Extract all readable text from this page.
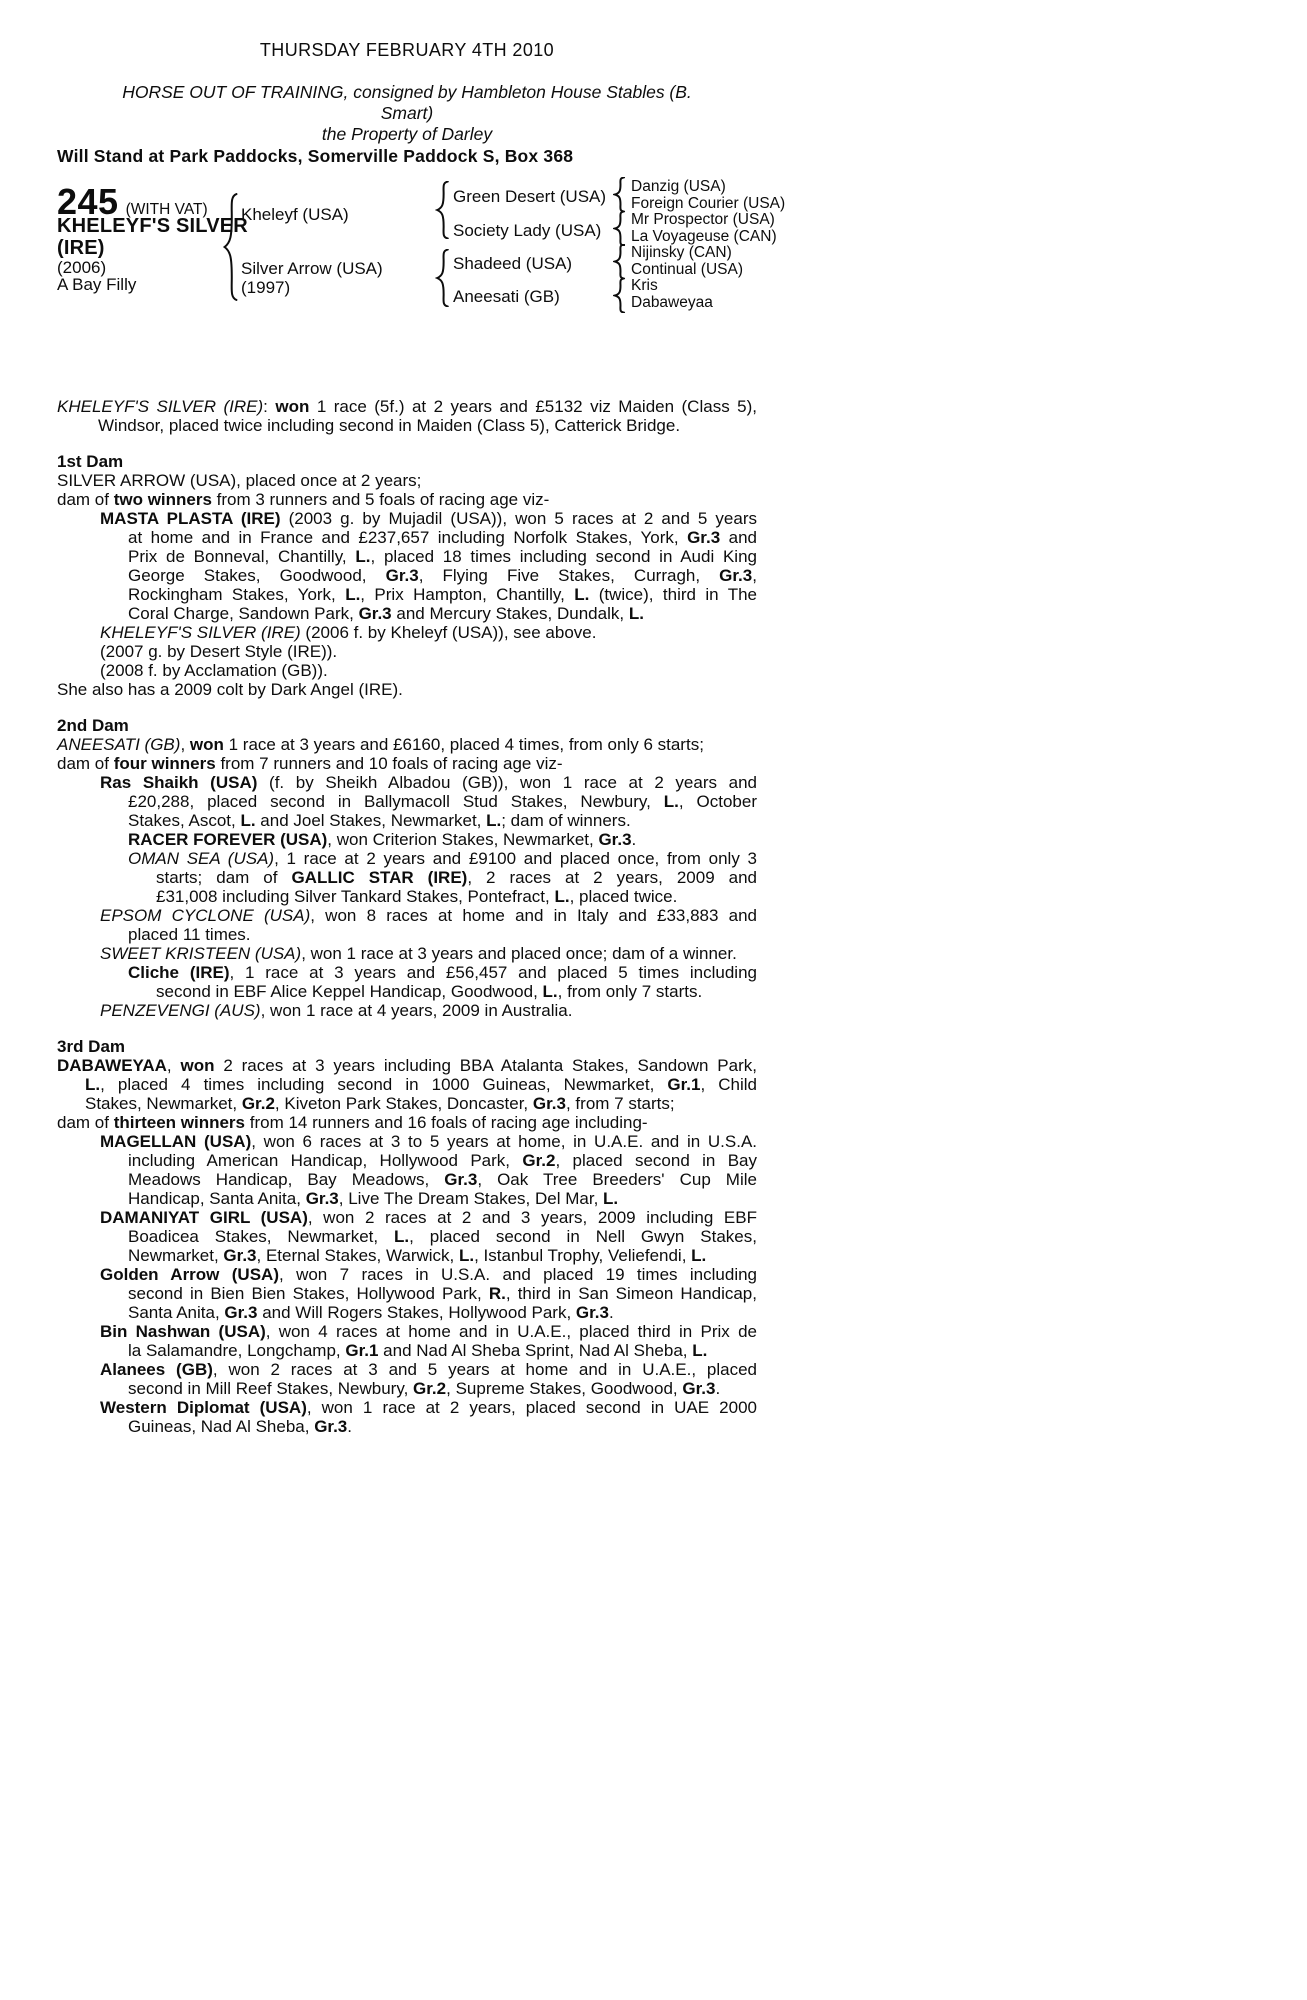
THURSDAY FEBRUARY 4TH 2010
HORSE OUT OF TRAINING, consigned by Hambleton House Stables (B.
Smart)
the Property of Darley
Will Stand at Park Paddocks, Somerville Paddock S, Box 368
245 (WITH VAT)
KHELEYF'S SILVER
(IRE)
(2006)
A Bay Filly
Kheleyf (USA)
Silver Arrow (USA)
(1997)
Green Desert (USA)
Society Lady (USA)
Shadeed (USA)
Aneesati (GB)
Danzig (USA)
Foreign Courier (USA)
Mr Prospector (USA)
La Voyageuse (CAN)
Nijinsky (CAN)
Continual (USA)
Kris
Dabaweyaa
KHELEYF'S SILVER (IRE): won 1 race (5f.) at 2 years and £5132 viz Maiden (Class 5),
Windsor, placed twice including second in Maiden (Class 5), Catterick Bridge.
1st Dam
SILVER ARROW (USA), placed once at 2 years;
dam of two winners from 3 runners and 5 foals of racing age viz-
MASTA PLASTA (IRE) (2003 g. by Mujadil (USA)), won 5 races at 2 and 5 years
at home and in France and £237,657 including Norfolk Stakes, York, Gr.3 and
Prix de Bonneval, Chantilly, L., placed 18 times including second in Audi King
George Stakes, Goodwood, Gr.3, Flying Five Stakes, Curragh, Gr.3,
Rockingham Stakes, York, L., Prix Hampton, Chantilly, L. (twice), third in The
Coral Charge, Sandown Park, Gr.3 and Mercury Stakes, Dundalk, L.
KHELEYF'S SILVER (IRE) (2006 f. by Kheleyf (USA)), see above.
(2007 g. by Desert Style (IRE)).
(2008 f. by Acclamation (GB)).
She also has a 2009 colt by Dark Angel (IRE).
2nd Dam
ANEESATI (GB), won 1 race at 3 years and £6160, placed 4 times, from only 6 starts;
dam of four winners from 7 runners and 10 foals of racing age viz-
Ras Shaikh (USA) (f. by Sheikh Albadou (GB)), won 1 race at 2 years and
£20,288, placed second in Ballymacoll Stud Stakes, Newbury, L., October
Stakes, Ascot, L. and Joel Stakes, Newmarket, L.; dam of winners.
RACER FOREVER (USA), won Criterion Stakes, Newmarket, Gr.3.
OMAN SEA (USA), 1 race at 2 years and £9100 and placed once, from only 3
starts; dam of GALLIC STAR (IRE), 2 races at 2 years, 2009 and
£31,008 including Silver Tankard Stakes, Pontefract, L., placed twice.
EPSOM CYCLONE (USA), won 8 races at home and in Italy and £33,883 and
placed 11 times.
SWEET KRISTEEN (USA), won 1 race at 3 years and placed once; dam of a winner.
Cliche (IRE), 1 race at 3 years and £56,457 and placed 5 times including
second in EBF Alice Keppel Handicap, Goodwood, L., from only 7 starts.
PENZEVENGI (AUS), won 1 race at 4 years, 2009 in Australia.
3rd Dam
DABAWEYAA, won 2 races at 3 years including BBA Atalanta Stakes, Sandown Park,
L., placed 4 times including second in 1000 Guineas, Newmarket, Gr.1, Child
Stakes, Newmarket, Gr.2, Kiveton Park Stakes, Doncaster, Gr.3, from 7 starts;
dam of thirteen winners from 14 runners and 16 foals of racing age including-
MAGELLAN (USA), won 6 races at 3 to 5 years at home, in U.A.E. and in U.S.A.
including American Handicap, Hollywood Park, Gr.2, placed second in Bay
Meadows Handicap, Bay Meadows, Gr.3, Oak Tree Breeders' Cup Mile
Handicap, Santa Anita, Gr.3, Live The Dream Stakes, Del Mar, L.
DAMANIYAT GIRL (USA), won 2 races at 2 and 3 years, 2009 including EBF
Boadicea Stakes, Newmarket, L., placed second in Nell Gwyn Stakes,
Newmarket, Gr.3, Eternal Stakes, Warwick, L., Istanbul Trophy, Veliefendi, L.
Golden Arrow (USA), won 7 races in U.S.A. and placed 19 times including
second in Bien Bien Stakes, Hollywood Park, R., third in San Simeon Handicap,
Santa Anita, Gr.3 and Will Rogers Stakes, Hollywood Park, Gr.3.
Bin Nashwan (USA), won 4 races at home and in U.A.E., placed third in Prix de
la Salamandre, Longchamp, Gr.1 and Nad Al Sheba Sprint, Nad Al Sheba, L.
Alanees (GB), won 2 races at 3 and 5 years at home and in U.A.E., placed
second in Mill Reef Stakes, Newbury, Gr.2, Supreme Stakes, Goodwood, Gr.3.
Western Diplomat (USA), won 1 race at 2 years, placed second in UAE 2000
Guineas, Nad Al Sheba, Gr.3.
